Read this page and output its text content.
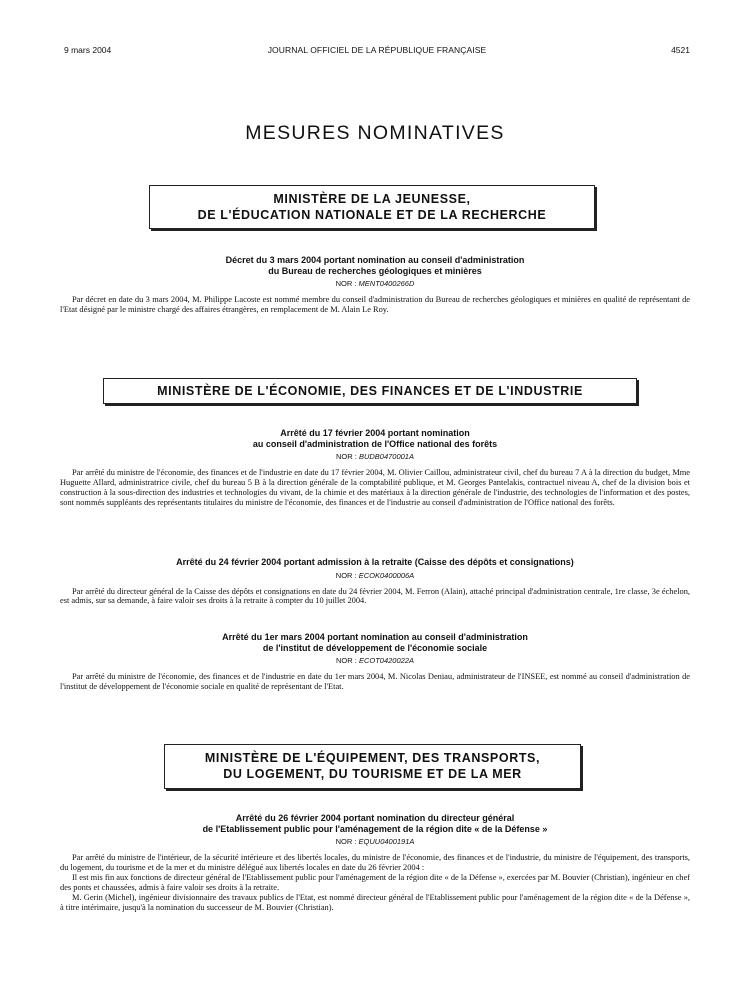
9 mars 2004	JOURNAL OFFICIEL DE LA RÉPUBLIQUE FRANÇAISE	4521
MESURES NOMINATIVES
MINISTÈRE DE LA JEUNESSE,
DE L'ÉDUCATION NATIONALE ET DE LA RECHERCHE
Décret du 3 mars 2004 portant nomination au conseil d'administration
du Bureau de recherches géologiques et minières
NOR : MENT0400266D

Par décret en date du 3 mars 2004, M. Philippe Lacoste est nommé membre du conseil d'administration du Bureau de recherches géologiques et minières en qualité de représentant de l'Etat désigné par le ministre chargé des affaires étrangères, en remplacement de M. Alain Le Roy.

MINISTÈRE DE L'ÉCONOMIE, DES FINANCES ET DE L'INDUSTRIE
Arrêté du 17 février 2004 portant nomination
au conseil d'administration de l'Office national des forêts
NOR : BUDB0470001A

Par arrêté du ministre de l'économie, des finances et de l'industrie en date du 17 février 2004, M. Olivier Caillou, administrateur civil, chef du bureau 7 A à la direction du budget, Mme Huguette Allard, administratrice civile, chef du bureau 5 B à la direction générale de la comptabilité publique, et M. Georges Pantelakis, contractuel niveau A, chef de la division bois et construction à la sous-direction des industries et technologies du vivant, de la chimie et des matériaux à la direction générale de l'industrie, des technologies de l'information et des postes, sont nommés suppléants des représentants titulaires du ministre de l'économie, des finances et de l'industrie au conseil d'administration de l'Office national des forêts.

Arrêté du 24 février 2004 portant admission à la retraite (Caisse des dépôts et consignations)
NOR : ECOK0400006A

Par arrêté du directeur général de la Caisse des dépôts et consignations en date du 24 février 2004, M. Ferron (Alain), attaché principal d'administration centrale, 1re classe, 3e échelon, est admis, sur sa demande, à faire valoir ses droits à la retraite à compter du 10 juillet 2004.

Arrêté du 1er mars 2004 portant nomination au conseil d'administration
de l'institut de développement de l'économie sociale
NOR : ECOT0420022A

Par arrêté du ministre de l'économie, des finances et de l'industrie en date du 1er mars 2004, M. Nicolas Deniau, administrateur de l'INSEE, est nommé au conseil d'administration de l'institut de développement de l'économie sociale en qualité de représentant de l'Etat.

MINISTÈRE DE L'ÉQUIPEMENT, DES TRANSPORTS,
DU LOGEMENT, DU TOURISME ET DE LA MER
Arrêté du 26 février 2004 portant nomination du directeur général
de l'Etablissement public pour l'aménagement de la région dite « de la Défense »
NOR : EQUU0400191A

Par arrêté du ministre de l'intérieur, de la sécurité intérieure et des libertés locales, du ministre de l'économie, des finances et de l'industrie, du ministre de l'équipement, des transports, du logement, du tourisme et de la mer et du ministre délégué aux libertés locales en date du 26 février 2004 :

Il est mis fin aux fonctions de directeur général de l'Etablissement public pour l'aménagement de la région dite « de la Défense », exercées par M. Bouvier (Christian), ingénieur en chef des ponts et chaussées, admis à faire valoir ses droits à la retraite.

M. Gerin (Michel), ingénieur divisionnaire des travaux publics de l'Etat, est nommé directeur général de l'Etablissement public pour l'aménagement de la région dite « de la Défense », à titre intérimaire, jusqu'à la nomination du successeur de M. Bouvier (Christian).
